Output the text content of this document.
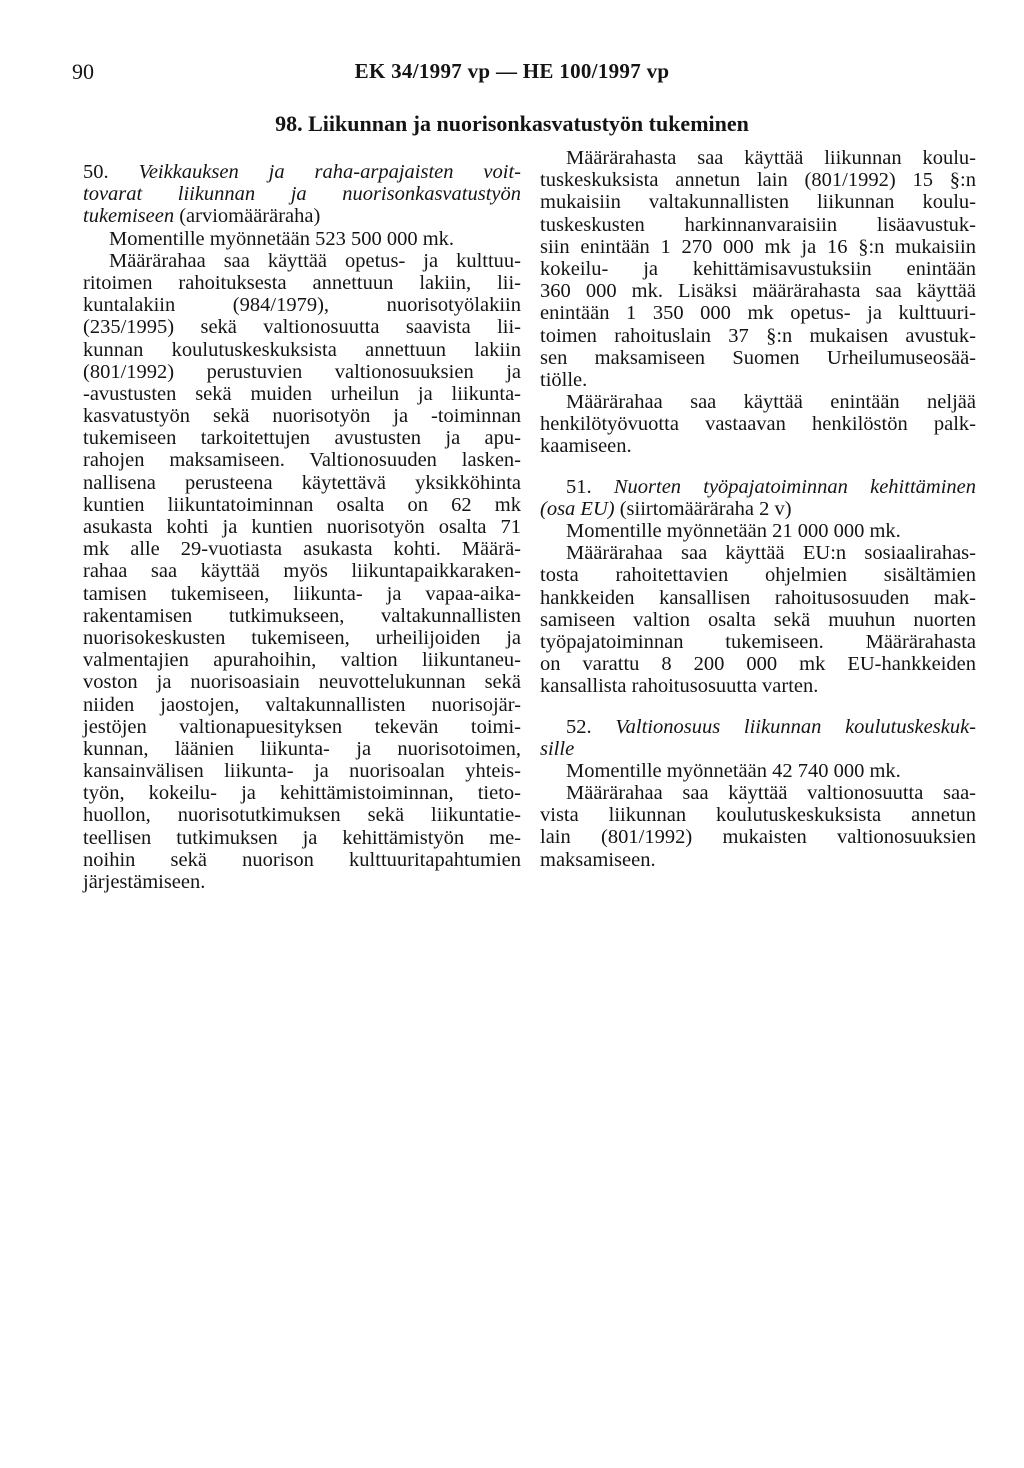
90	EK 34/1997 vp — HE 100/1997 vp
98. Liikunnan ja nuorisonkasvatustyön tukeminen
50. Veikkauksen ja raha-arpajaisten voit-
tovarat liikunnan ja nuorisonkasvatustyön
tukemiseen (arviomääräraha)
Momentille myönnetään 523 500 000 mk.
Määrärahaa saa käyttää opetus- ja kulttuu-
ritoimen rahoituksesta annettuun lakiin, lii-
kuntalakiin (984/1979), nuorisotyölakiin
(235/1995) sekä valtionosuutta saavista lii-
kunnan koulutuskeskuksista annettuun lakiin
(801/1992) perustuvien valtionosuuksien ja
-avustusten sekä muiden urheilun ja liikunta-
kasvatustyön sekä nuorisotyön ja -toiminnan
tukemiseen tarkoitettujen avustusten ja apu-
rahojen maksamiseen. Valtionosuuden lasken-
nallisena perusteena käytettävä yksikköhinta
kuntien liikuntatoiminnan osalta on 62 mk
asukasta kohti ja kuntien nuorisotyön osalta 71
mk alle 29-vuotiasta asukasta kohti. Määrä-
rahaa saa käyttää myös liikuntapaikkaraken-
tamisen tukemiseen, liikunta- ja vapaa-aika-
rakentamisen tutkimukseen, valtakunnallisten
nuorisokeskusten tukemiseen, urheilijoiden ja
valmentajien apurahoihin, valtion liikuntaneu-
voston ja nuorisoasiain neuvottelukunnan sekä
niiden jaostojen, valtakunnallisten nuorisojär-
jestöjen valtionapuesityksen tekevän toimi-
kunnan, läänien liikunta- ja nuorisotoimen,
kansainvälisen liikunta- ja nuorisoalan yhteis-
työn, kokeilu- ja kehittämistoiminnan, tieto-
huollon, nuorisotutkimuksen sekä liikuntatie-
teellisen tutkimuksen ja kehittämistyön me-
noihin sekä nuorison kulttuuritapahtumien
järjestämiseen.
Määrärahasta saa käyttää liikunnan koulu-
tuskeskuksista annetun lain (801/1992) 15 §:n
mukaisiin valtakunnallisten liikunnan koulu-
tuskeskusten harkinnanvaraisiin lisäavustuk-
siin enintään 1 270 000 mk ja 16 §:n mukaisiin
kokeilu- ja kehittämisavustuksiin enintään
360 000 mk. Lisäksi määrärahasta saa käyttää
enintään 1 350 000 mk opetus- ja kulttuuri-
toimen rahoituslain 37 §:n mukaisen avustuk-
sen maksamiseen Suomen Urheilumuseosää-
tiölle.
Määrärahaa saa käyttää enintään neljää
henkilötyövuotta vastaavan henkilöstön palk-
kaamiseen.
51. Nuorten työpajatoiminnan kehittäminen
(osa EU) (siirtomääräraha 2 v)
Momentille myönnetään 21 000 000 mk.
Määrärahaa saa käyttää EU:n sosiaalirahas-
tosta rahoitettavien ohjelmien sisältämien
hankkeiden kansallisen rahoitusosuuden mak-
samiseen valtion osalta sekä muuhun nuorten
työpajatoiminnan tukemiseen. Määrärahasta
on varattu 8 200 000 mk EU-hankkeiden
kansallista rahoitusosuutta varten.
52. Valtionosuus liikunnan koulutuskeskuk-
sille
Momentille myönnetään 42 740 000 mk.
Määrärahaa saa käyttää valtionosuutta saa-
vista liikunnan koulutuskeskuksista annetun
lain (801/1992) mukaisten valtionosuuksien
maksamiseen.
